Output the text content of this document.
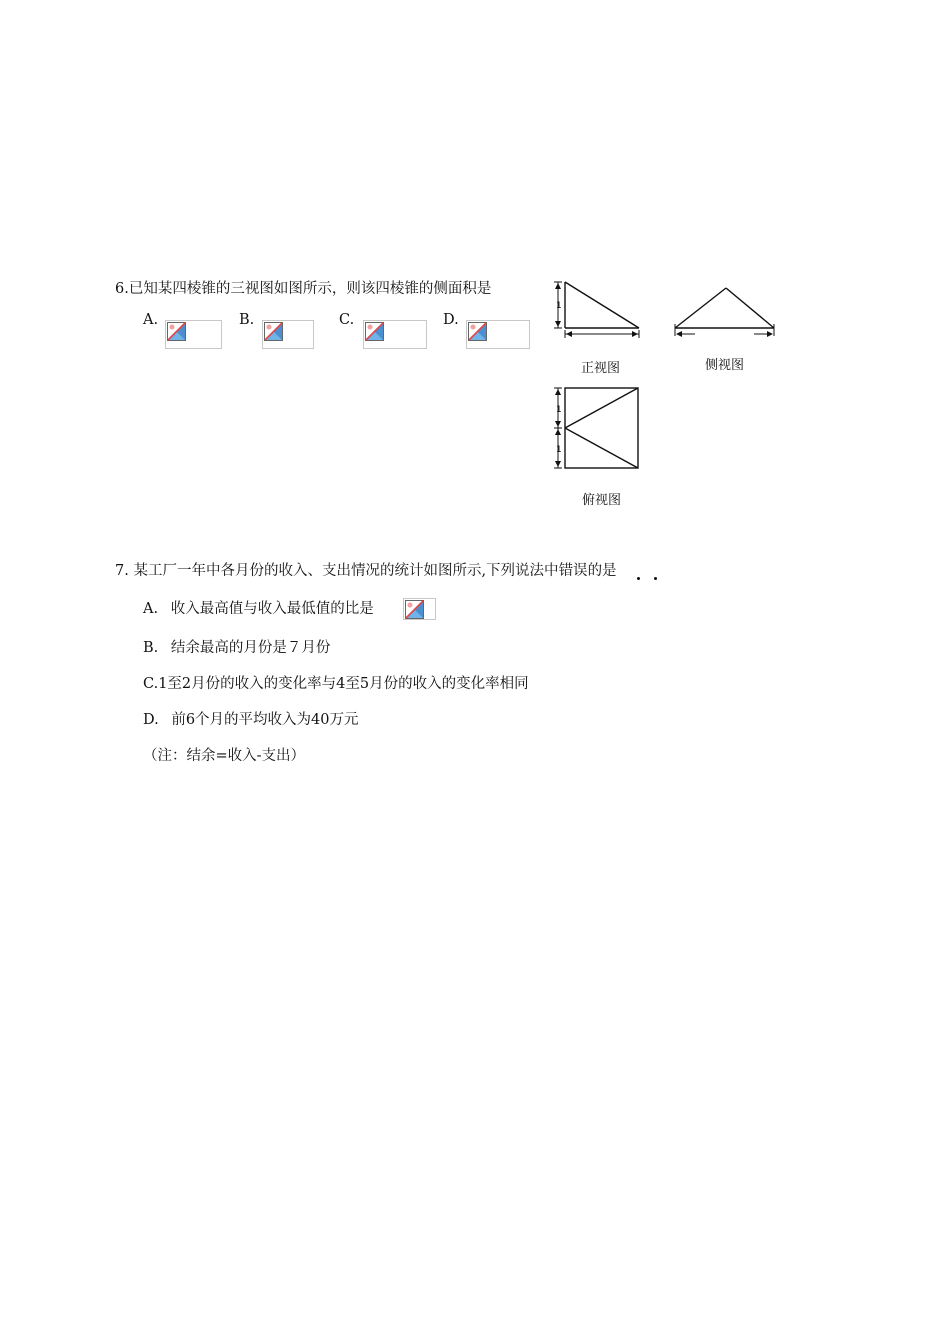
6.已知某四棱锥的三视图如图所示，则该四棱锥的侧面积是
A.	B.	C.	D.
1
1
1
正视图	侧视图
俯视图
7. 某工厂一年中各月份的收入、支出情况的统计如图所示,下列说法中错误的是
A. 收入最高值与收入最低值的比是
B. 结余最高的月份是７月份
C.1至2月份的收入的变化率与4至5月份的收入的变化率相同
D. 前6个月的平均收入为40万元
（注：结余=收入-支出）
